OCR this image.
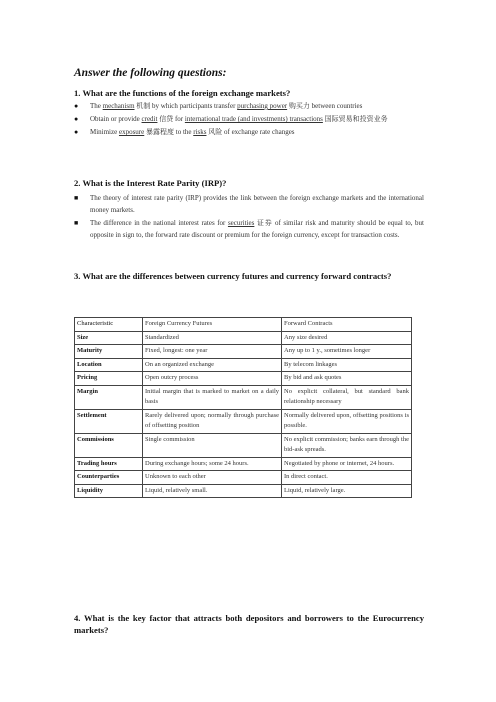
Answer the following questions:
1. What are the functions of the foreign exchange markets?
● The mechanism 机制 by which participants transfer purchasing power 购买力 between countries
● Obtain or provide credit 信贷 for international trade (and investments) transactions 国际贸易和投资业务
● Minimize exposure 暴露程度 to the risks 风险 of exchange rate changes
2. What is the Interest Rate Parity (IRP)?
■ The theory of interest rate parity (IRP) provides the link between the foreign exchange markets and the international money markets.
■ The difference in the national interest rates for securities 证券 of similar risk and maturity should be equal to, but opposite in sign to, the forward rate discount or premium for the foreign currency, except for transaction costs.
3. What are the differences between currency futures and currency forward contracts?
Characteristic	Foreign Currency Futures	Forward Contracts
Size	Standardized	Any size desired
Maturity	Fixed, longest: one year	Any up to 1 y., sometimes longer
Location	On an organized exchange	By telecom linkages
Pricing	Open outcry process	By bid and ask quotes
Margin	Initial margin that is marked to market on a daily basis	No explicit collateral, but standard bank relationship necessary
Settlement	Rarely delivered upon; normally through purchase of offsetting position	Normally delivered upon, offsetting positions is possible.
Commissions	Single commission	No explicit commission; banks earn through the bid-ask spreads.
Trading hours	During exchange hours; some 24 hours.	Negotiated by phone or internet, 24 hours.
Counterparties	Unknown to each other	In direct contact.
Liquidity	Liquid, relatively small.	Liquid, relatively large.
4. What is the key factor that attracts both depositors and borrowers to the Eurocurrency markets?
